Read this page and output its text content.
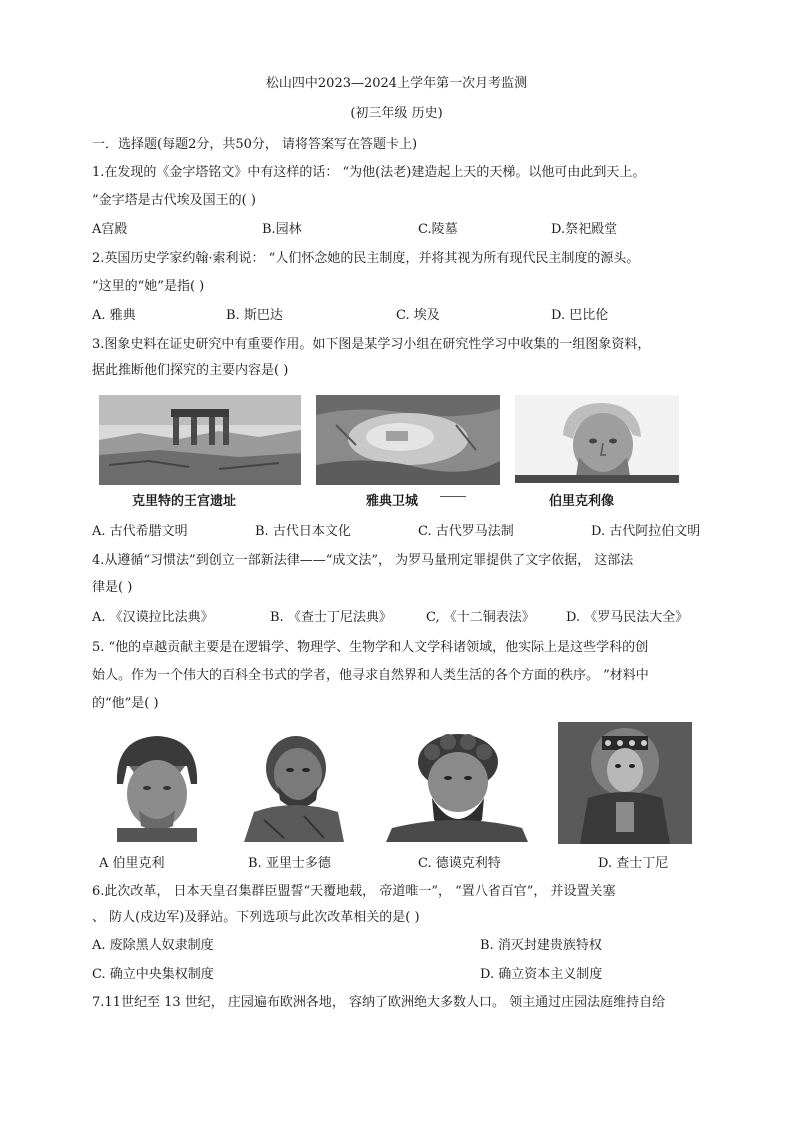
松山四中2023—2024上学年第一次月考监测
(初三年级 历史)
一．选择题(每题2分，共50分， 请将答案写在答题卡上)
1.在发现的《金字塔铭文》中有这样的话： “为他(法老)建造起上天的天梯。以他可由此到天上。
”金字塔是古代埃及国王的( )
A宫殿	B.园林	C.陵墓	D.祭祀殿堂
2.英国历史学家约翰·索利说： “人们怀念她的民主制度，并将其视为所有现代民主制度的源头。
”这里的“她”是指( )
A. 雅典	B. 斯巴达	C. 埃及	D. 巴比伦
3.图象史料在证史研究中有重要作用。如下图是某学习小组在研究性学习中收集的一组图象资料，
据此推断他们探究的主要内容是( )
克里特的王宫遗址	雅典卫城	伯里克利像
A. 古代希腊文明	B. 古代日本文化	C. 古代罗马法制	D. 古代阿拉伯文明
4.从遵循“习惯法”到创立一部新法律——“成文法”， 为罗马量刑定罪提供了文字依据， 这部法
律是( )
A. 《汉谟拉比法典》	B. 《查士丁尼法典》	C, 《十二铜表法》 D. 《罗马民法大全》
5. “他的卓越贡献主要是在逻辑学、物理学、生物学和人文学科诸领域，他实际上是这些学科的创
始人。作为一个伟大的百科全书式的学者，他寻求自然界和人类生活的各个方面的秩序。 ”材料中
的“他”是( )
A 伯里克利	B. 亚里士多德	C. 德谟克利特	D. 查士丁尼
6.此次改革， 日本天皇召集群臣盟誓“天覆地载， 帝道唯一”， “置八省百官”， 并设置关塞
、 防人(戍边军)及驿站。下列选项与此次改革相关的是( )
A. 废除黑人奴隶制度	B. 消灭封建贵族特权
C. 确立中央集权制度	D. 确立资本主义制度
7.11世纪至 13 世纪， 庄园遍布欧洲各地， 容纳了欧洲绝大多数人口。 领主通过庄园法庭维持自给
